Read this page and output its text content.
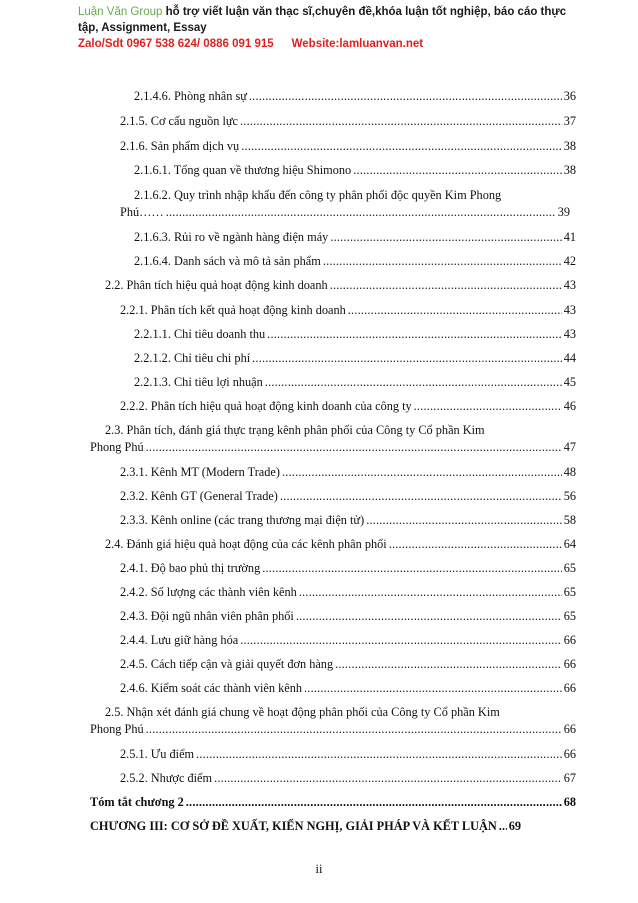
Luận Văn Group hỗ trợ viết luận văn thạc sĩ,chuyên đề,khóa luận tốt nghiệp, báo cáo thực
tập, Assignment, Essay
Zalo/Sdt 0967 538 624/ 0886 091 915 Website:lamluanvan.net
2.1.4.6. Phòng nhân sự .....	36
2.1.5. Cơ cấu nguồn lực .....	37
2.1.6. Sản phẩm dịch vụ .....	38
2.1.6.1. Tổng quan về thương hiệu Shimono .....	38
2.1.6.2. Quy trình nhập khẩu đến công ty phân phối độc quyền Kim Phong
Phú…… .....	39
2.1.6.3. Rủi ro về ngành hàng điện máy .....	41
2.1.6.4. Danh sách và mô tả sản phẩm .....	42
2.2. Phân tích hiệu quả hoạt động kinh doanh .....	43
2.2.1. Phân tích kết quả hoạt động kinh doanh .....	43
2.2.1.1. Chỉ tiêu doanh thu .....	43
2.2.1.2. Chỉ tiêu chi phí .....	44
2.2.1.3. Chỉ tiêu lợi nhuận .....	45
2.2.2. Phân tích hiệu quả hoạt động kinh doanh của công ty .....	46
2.3. Phân tích, đánh giá thực trạng kênh phân phối của Công ty Cổ phần Kim
Phong Phú .....	47
2.3.1. Kênh MT (Modern Trade) .....	48
2.3.2. Kênh GT (General Trade) .....	56
2.3.3. Kênh online (các trang thương mại điện tử) .....	58
2.4. Đánh giá hiệu quả hoạt động của các kênh phân phối .....	64
2.4.1. Độ bao phủ thị trường .....	65
2.4.2. Số lượng các thành viên kênh .....	65
2.4.3. Đội ngũ nhân viên phân phối .....	65
2.4.4. Lưu giữ hàng hóa .....	66
2.4.5. Cách tiếp cận và giải quyết đơn hàng .....	66
2.4.6. Kiểm soát các thành viên kênh .....	66
2.5. Nhận xét đánh giá chung về hoạt động phân phối của Công ty Cổ phần Kim
Phong Phú .....	66
2.5.1. Ưu điểm .....	66
2.5.2. Nhược điểm .....	67
Tóm tắt chương 2 .....	68
CHƯƠNG III: CƠ SỞ ĐỀ XUẤT, KIẾN NGHỊ, GIẢI PHÁP VÀ KẾT LUẬN ..... 69
ii
